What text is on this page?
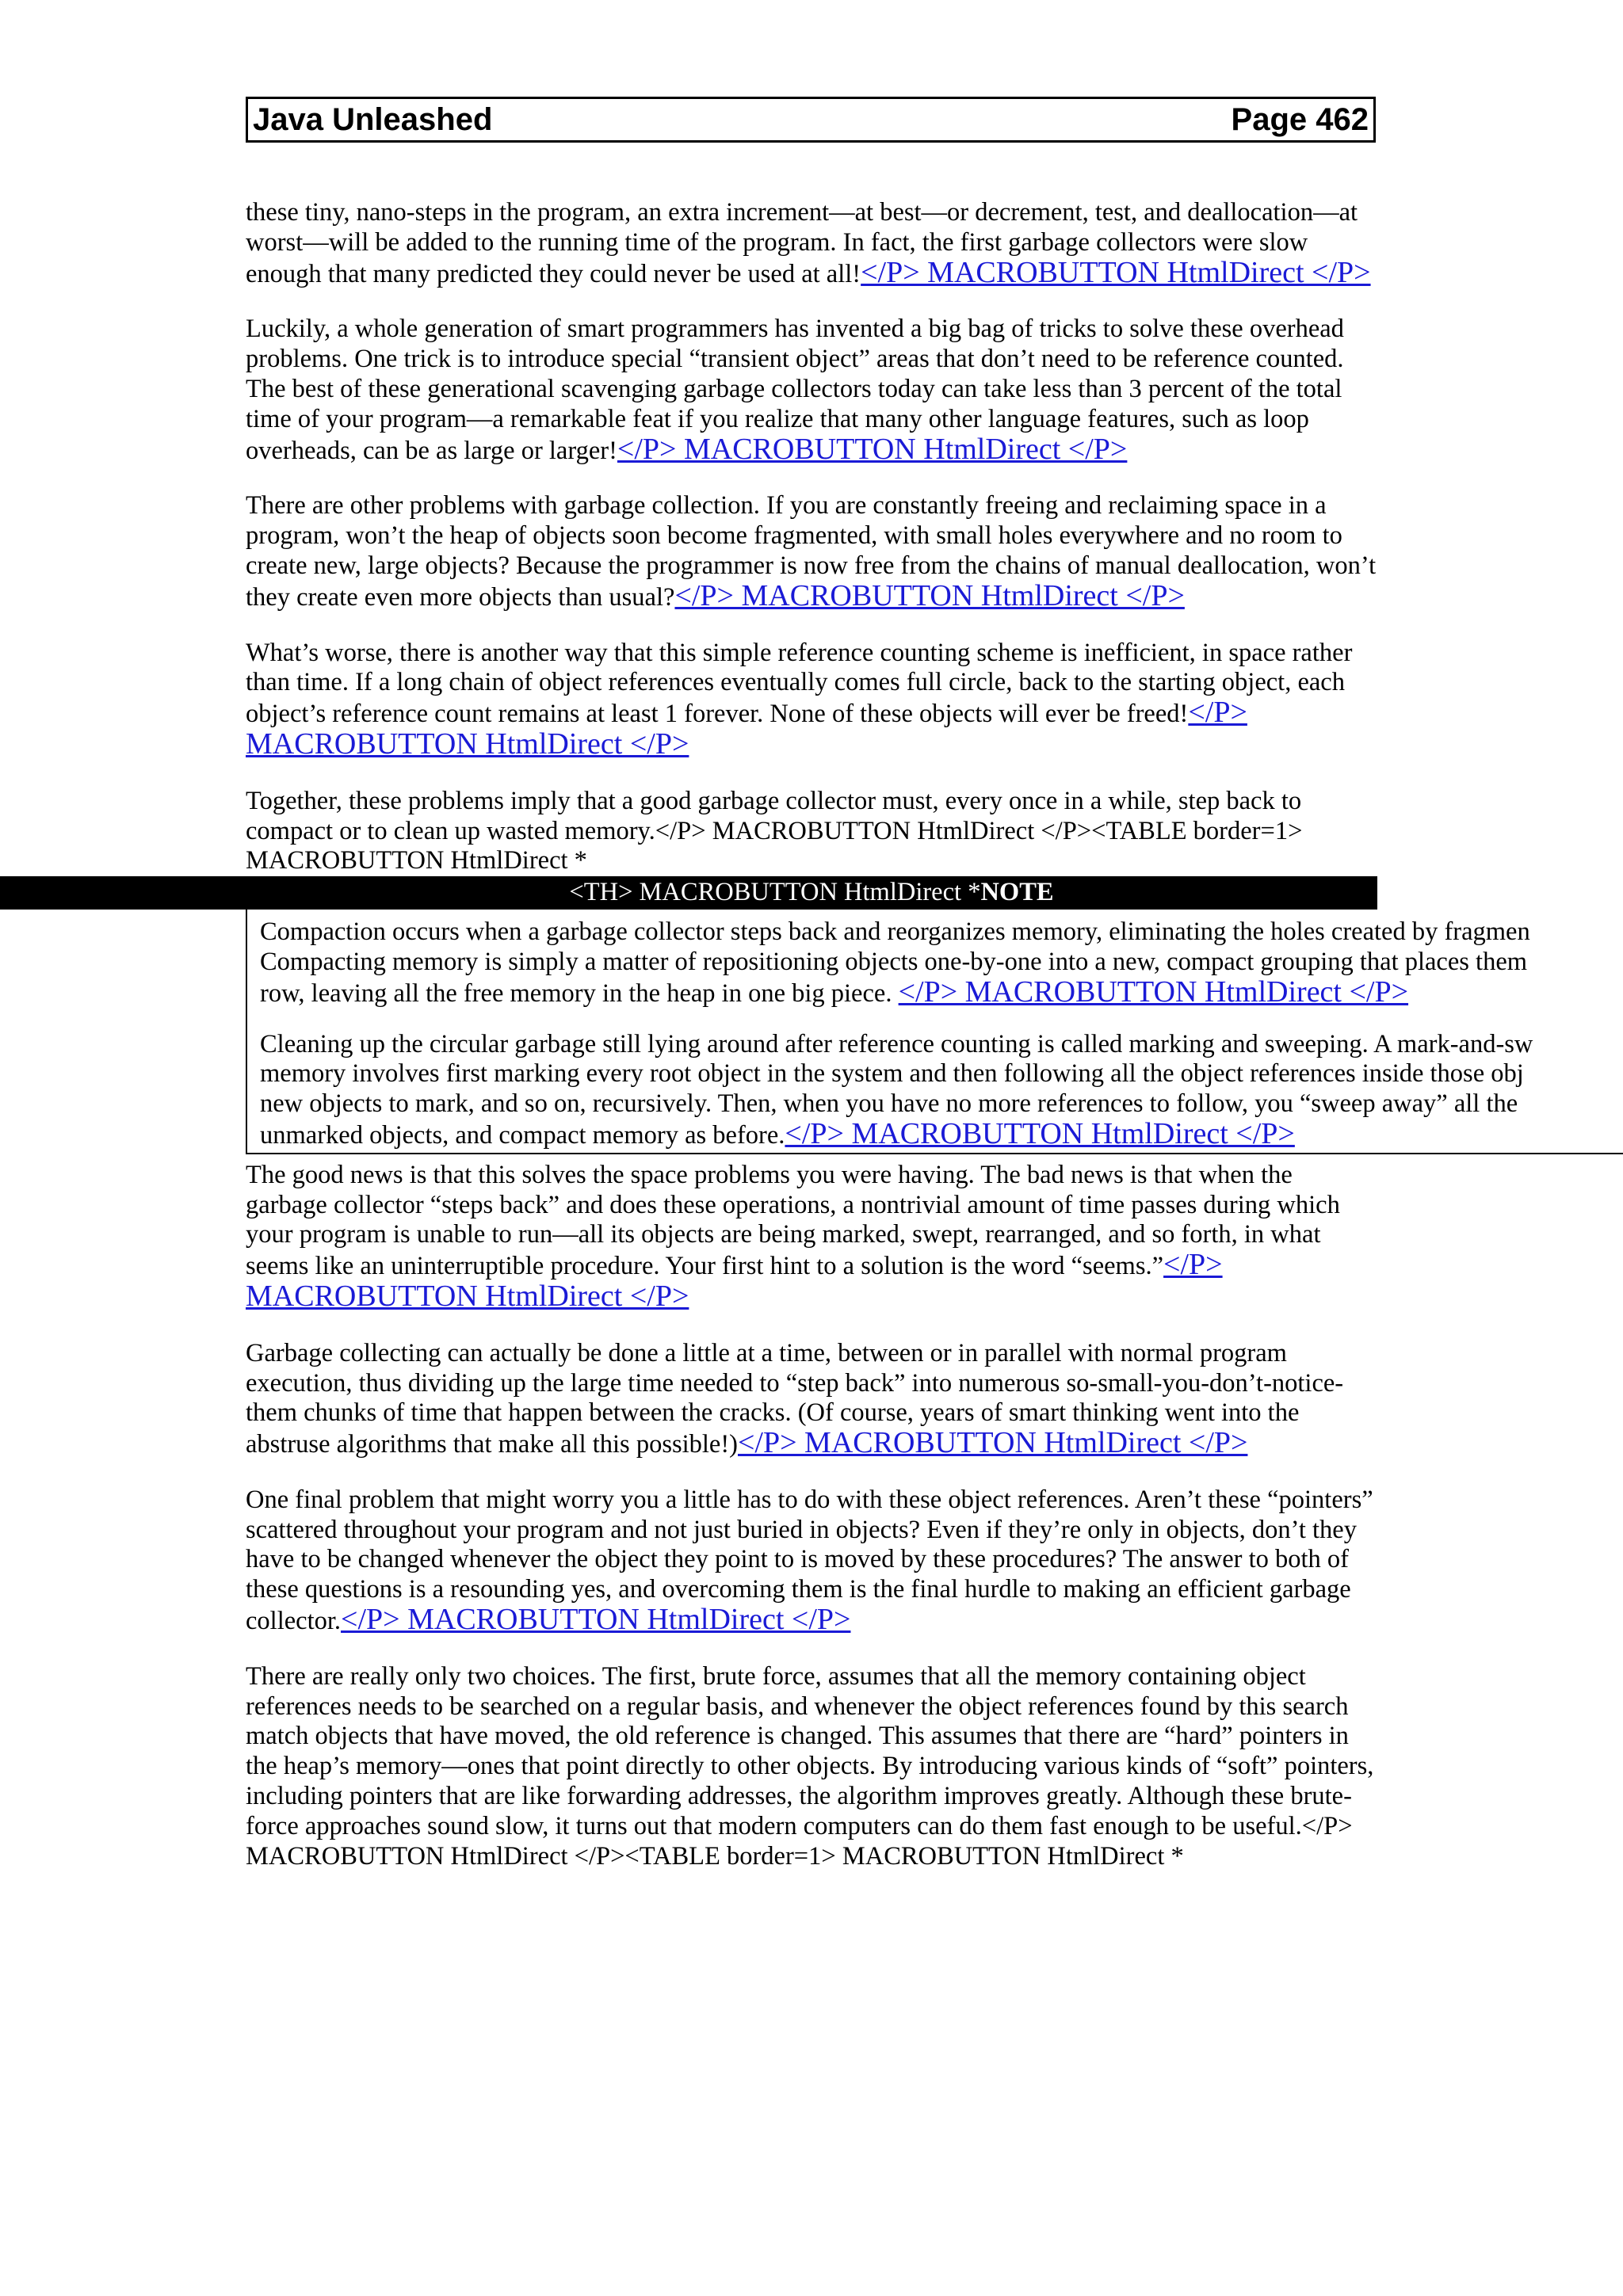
Java Unleashed	Page 462

these tiny, nano-steps in the program, an extra increment—at best—or decrement, test, and deallocation—at worst—will be added to the running time of the program. In fact, the first garbage collectors were slow enough that many predicted they could never be used at all!</P> MACROBUTTON HtmlDirect </P>

Luckily, a whole generation of smart programmers has invented a big bag of tricks to solve these overhead problems. One trick is to introduce special “transient object” areas that don’t need to be reference counted. The best of these generational scavenging garbage collectors today can take less than 3 percent of the total time of your program—a remarkable feat if you realize that many other language features, such as loop overheads, can be as large or larger!</P> MACROBUTTON HtmlDirect </P>

There are other problems with garbage collection. If you are constantly freeing and reclaiming space in a program, won’t the heap of objects soon become fragmented, with small holes everywhere and no room to create new, large objects? Because the programmer is now free from the chains of manual deallocation, won’t they create even more objects than usual?</P> MACROBUTTON HtmlDirect </P>

What’s worse, there is another way that this simple reference counting scheme is inefficient, in space rather than time. If a long chain of object references eventually comes full circle, back to the starting object, each object’s reference count remains at least 1 forever. None of these objects will ever be freed!</P> MACROBUTTON HtmlDirect </P>

Together, these problems imply that a good garbage collector must, every once in a while, step back to compact or to clean up wasted memory.</P> MACROBUTTON HtmlDirect </P><TABLE border=1> MACROBUTTON HtmlDirect *

<TH> MACROBUTTON HtmlDirect *NOTE

Compaction occurs when a garbage collector steps back and reorganizes memory, eliminating the holes created by fragmen
Compacting memory is simply a matter of repositioning objects one-by-one into a new, compact grouping that places them
row, leaving all the free memory in the heap in one big piece. </P> MACROBUTTON HtmlDirect </P>

Cleaning up the circular garbage still lying around after reference counting is called marking and sweeping. A mark-and-sw
memory involves first marking every root object in the system and then following all the object references inside those obj
new objects to mark, and so on, recursively. Then, when you have no more references to follow, you “sweep away” all the
unmarked objects, and compact memory as before.</P> MACROBUTTON HtmlDirect </P>

The good news is that this solves the space problems you were having. The bad news is that when the garbage collector “steps back” and does these operations, a nontrivial amount of time passes during which your program is unable to run—all its objects are being marked, swept, rearranged, and so forth, in what seems like an uninterruptible procedure. Your first hint to a solution is the word “seems.”</P> MACROBUTTON HtmlDirect </P>

Garbage collecting can actually be done a little at a time, between or in parallel with normal program execution, thus dividing up the large time needed to “step back” into numerous so-small-you-don’t-notice-them chunks of time that happen between the cracks. (Of course, years of smart thinking went into the abstruse algorithms that make all this possible!)</P> MACROBUTTON HtmlDirect </P>

One final problem that might worry you a little has to do with these object references. Aren’t these “pointers” scattered throughout your program and not just buried in objects? Even if they’re only in objects, don’t they have to be changed whenever the object they point to is moved by these procedures? The answer to both of these questions is a resounding yes, and overcoming them is the final hurdle to making an efficient garbage collector.</P> MACROBUTTON HtmlDirect </P>

There are really only two choices. The first, brute force, assumes that all the memory containing object references needs to be searched on a regular basis, and whenever the object references found by this search match objects that have moved, the old reference is changed. This assumes that there are “hard” pointers in the heap’s memory—ones that point directly to other objects. By introducing various kinds of “soft” pointers, including pointers that are like forwarding addresses, the algorithm improves greatly. Although these brute-force approaches sound slow, it turns out that modern computers can do them fast enough to be useful.</P> MACROBUTTON HtmlDirect </P><TABLE border=1> MACROBUTTON HtmlDirect *
